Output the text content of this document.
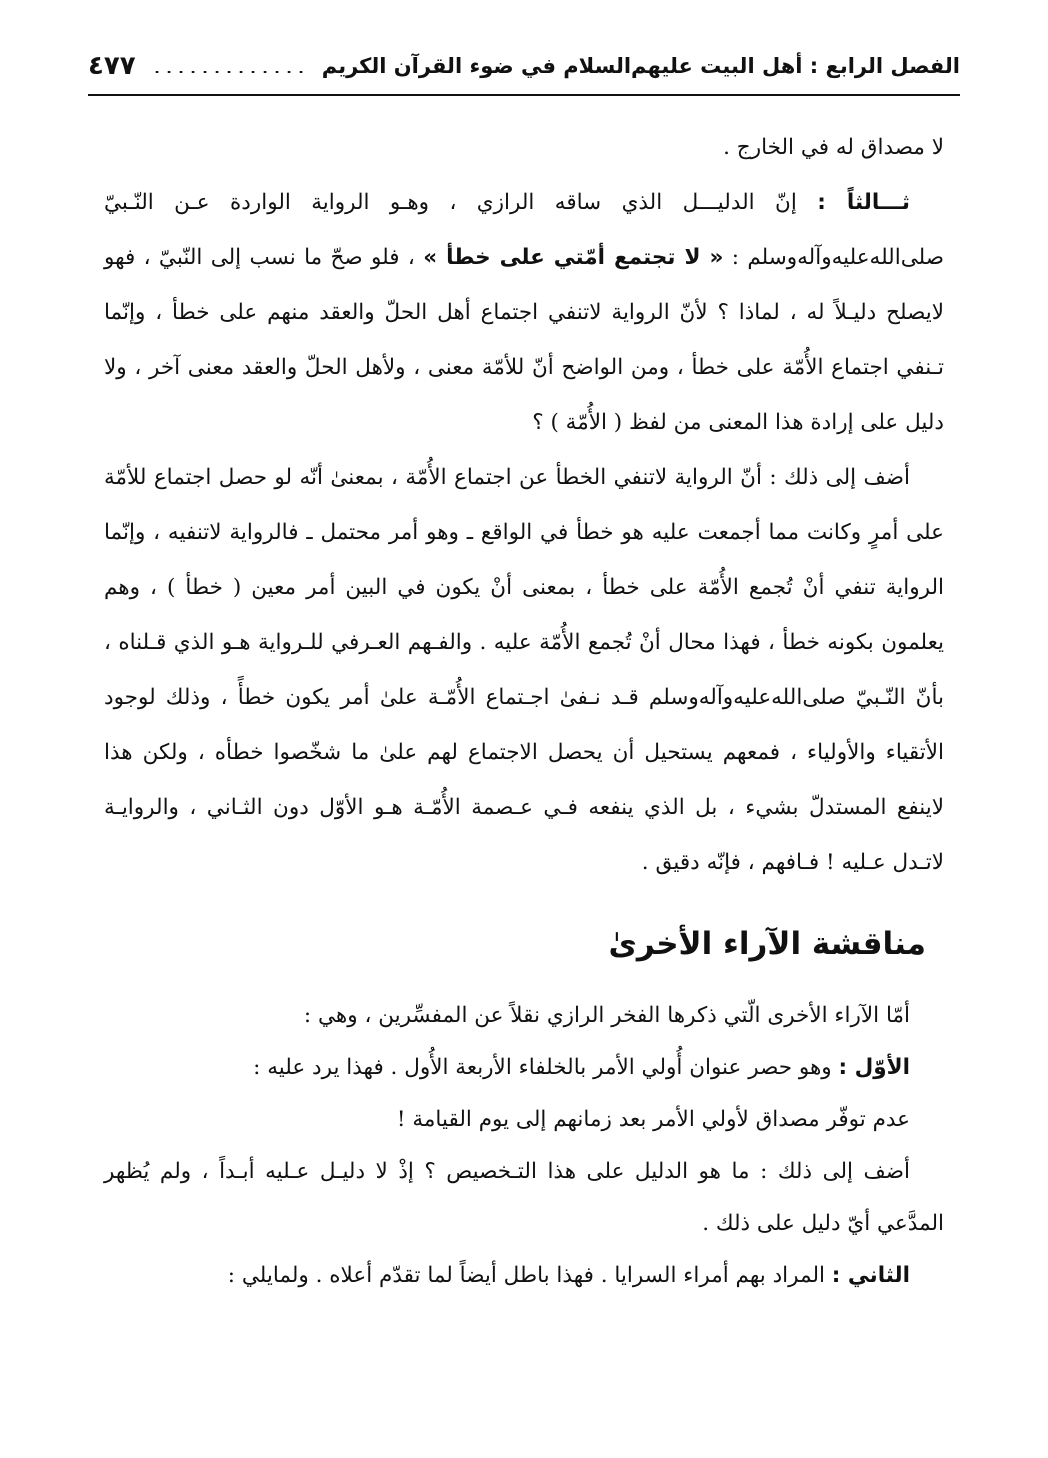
الفصل الرابع : أهل البيت عليهم‌السلام في ضوء القرآن الكريم
٤٧٧

لا مصداق له في الخارج .

ثـــالثاً : إنّ الدليـــل الذي ساقه الرازي ، وهـو الرواية الواردة عـن النّـبيّ صلى‌الله‌عليه‌وآله‌وسلم : « لا تجتمع أمّتي على خطأ » ، فلو صحّ ما نسب إلى النّبيّ ، فهو لايصلح دليـلاً له ، لماذا ؟ لأنّ الرواية لاتنفي اجتماع أهل الحلّ والعقد منهم على خطأ ، وإنّما تـنفي اجتماع الأُمّة على خطأ ، ومن الواضح أنّ للأمّة معنى ، ولأهل الحلّ والعقد معنى آخر ، ولا دليل على إرادة هذا المعنى من لفظ ( الأُمّة ) ؟

أضف إلى ذلك : أنّ الرواية لاتنفي الخطأ عن اجتماع الأُمّة ، بمعنىٰ أنّه لو حصل اجتماع للأمّة على أمرٍ وكانت مما أجمعت عليه هو خطأ في الواقع ـ وهو أمر محتمل ـ فالرواية لاتنفيه ، وإنّما الرواية تنفي أنْ تُجمع الأُمّة على خطأ ، بمعنى أنْ يكون في البين أمر معين ( خطأ ) ، وهم يعلمون بكونه خطأ ، فهذا محال أنْ تُجمع الأُمّة عليه . والفـهم العـرفي للـرواية هـو الذي قـلناه ، بأنّ النّـبيّ صلى‌الله‌عليه‌وآله‌وسلم قـد نـفىٰ اجـتماع الأُمّـة علىٰ أمر يكون خطأً ، وذلك لوجود الأتقياء والأولياء ، فمعهم يستحيل أن يحصل الاجتماع لهم علىٰ ما شخّصوا خطأه ، ولكن هذا لاينفع المستدلّ بشيء ، بل الذي ينفعه فـي عـصمة الأُمّـة هـو الأوّل دون الثـاني ، والروايـة لاتـدل عـليه ! فـافهم ، فإنّه دقيق .

مناقشة الآراء الأخرىٰ

أمّا الآراء الأخرى الّتي ذكرها الفخر الرازي نقلاً عن المفسِّرين ، وهي :

الأوّل : وهو حصر عنوان أُولي الأمر بالخلفاء الأربعة الأُول . فهذا يرد عليه :

عدم توفّر مصداق لأولي الأمر بعد زمانهم إلى يوم القيامة !

أضف إلى ذلك : ما هو الدليل على هذا التـخصيص ؟ إذْ لا دليـل عـليه أبـداً ، ولم يُظهر المدَّعي أيّ دليل على ذلك .

الثاني : المراد بهم أمراء السرايا . فهذا باطل أيضاً لما تقدّم أعلاه . ولمايلي :
